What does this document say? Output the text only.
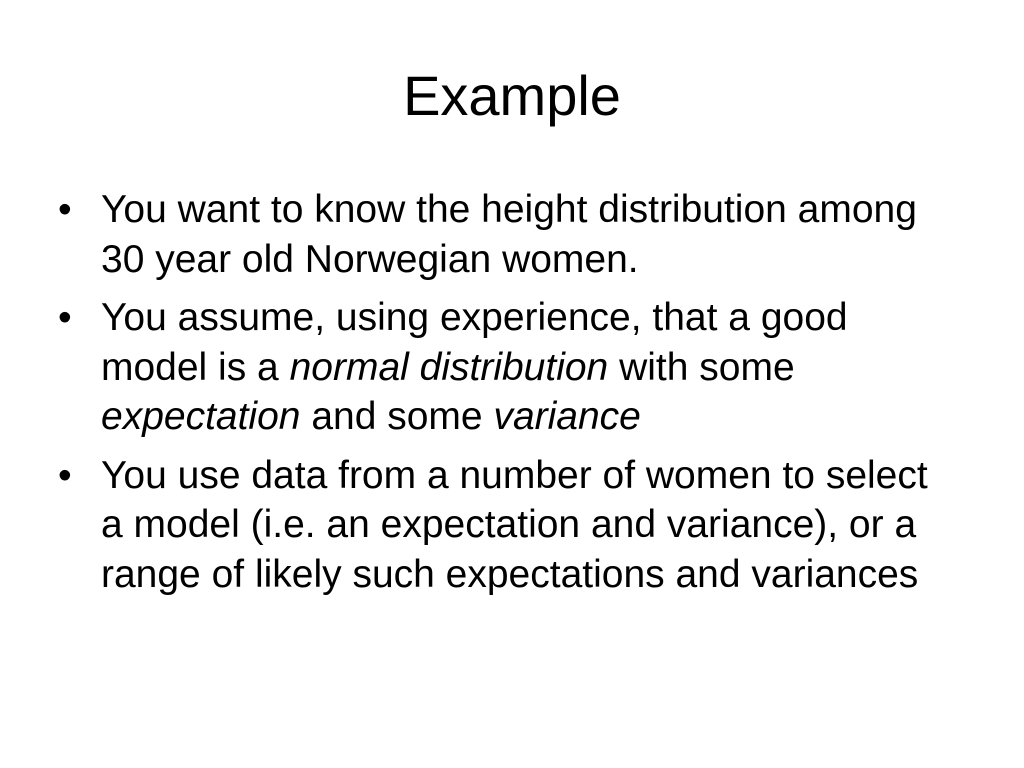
Example
• You want to know the height distribution among 30 year old Norwegian women.
• You assume, using experience, that a good model is a normal distribution with some expectation and some variance
• You use data from a number of women to select a model (i.e. an expectation and variance), or a range of likely such expectations and variances
